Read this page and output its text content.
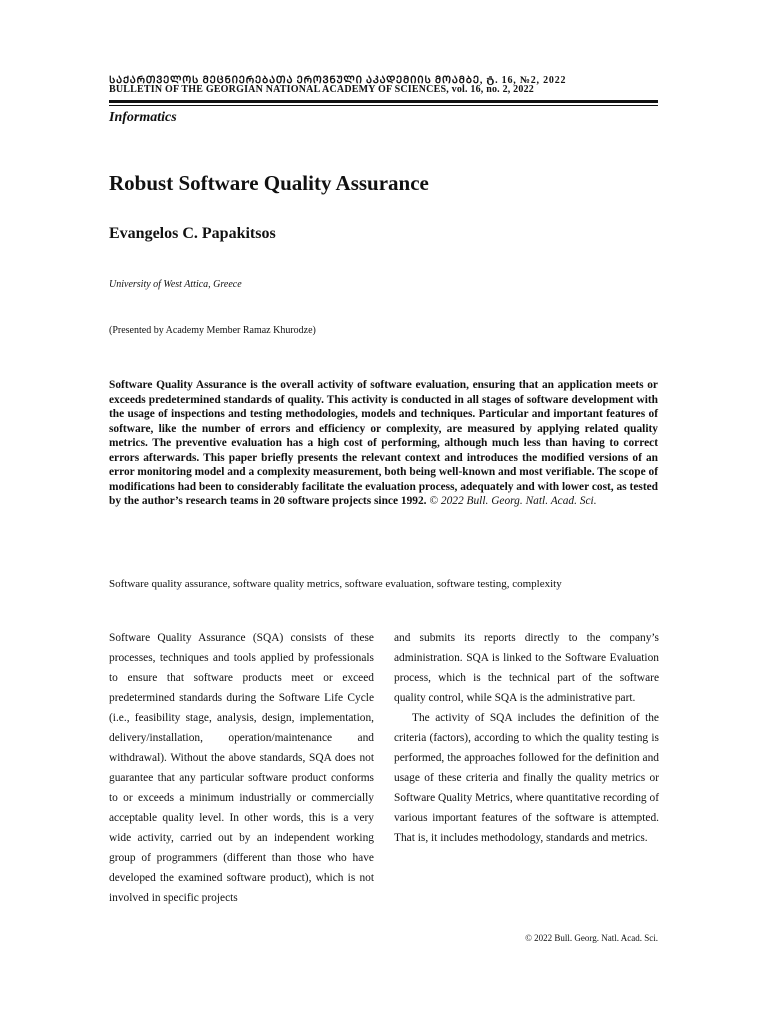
ᲡᲐᲥᲐᲠᲗᲕᲔᲚᲝᲡ ᲛᲔᲪᲜᲘᲔᲠᲔᲑᲐᲗᲐ ᲔᲠᲝᲕᲜᲣᲚᲘ ᲐᲙᲐᲓᲔᲛᲘᲘᲡ ᲛᲝᲐᲛᲑᲔ, ტ. 16, №2, 2022
BULLETIN OF THE GEORGIAN NATIONAL ACADEMY OF SCIENCES, vol. 16, no. 2, 2022
Informatics
Robust Software Quality Assurance
Evangelos C. Papakitsos
University of West Attica, Greece
(Presented by Academy Member Ramaz Khurodze)

Software Quality Assurance is the overall activity of software evaluation, ensuring that an application meets or exceeds predetermined standards of quality. This activity is conducted in all stages of software development with the usage of inspections and testing methodologies, models and techniques. Particular and important features of software, like the number of errors and efficiency or complexity, are measured by applying related quality metrics. The preventive evaluation has a high cost of performing, although much less than having to correct errors afterwards. This paper briefly presents the relevant context and introduces the modified versions of an error monitoring model and a complexity measurement, both being well-known and most verifiable. The scope of modifications had been to considerably facilitate the evaluation process, adequately and with lower cost, as tested by the author’s research teams in 20 software projects since 1992. © 2022 Bull. Georg. Natl. Acad. Sci.

Software quality assurance, software quality metrics, software evaluation, software testing, complexity

Software Quality Assurance (SQA) consists of these processes, techniques and tools applied by professionals to ensure that software products meet or exceed predetermined standards during the Software Life Cycle (i.e., feasibility stage, analysis, design, implementation, delivery/installation, operation/maintenance and withdrawal). Without the above standards, SQA does not guarantee that any particular software product conforms to or exceeds a minimum industrially or commercially acceptable quality level. In other words, this is a very wide activity, carried out by an independent working group of programmers (different than those who have developed the examined software product), which is not involved in specific projects

and submits its reports directly to the company’s administration. SQA is linked to the Software Evaluation process, which is the technical part of the software quality control, while SQA is the administrative part.

The activity of SQA includes the definition of the criteria (factors), according to which the quality testing is performed, the approaches followed for the definition and usage of these criteria and finally the quality metrics or Software Quality Metrics, where quantitative recording of various important features of the software is attempted. That is, it includes methodology, standards and metrics.

© 2022 Bull. Georg. Natl. Acad. Sci.
